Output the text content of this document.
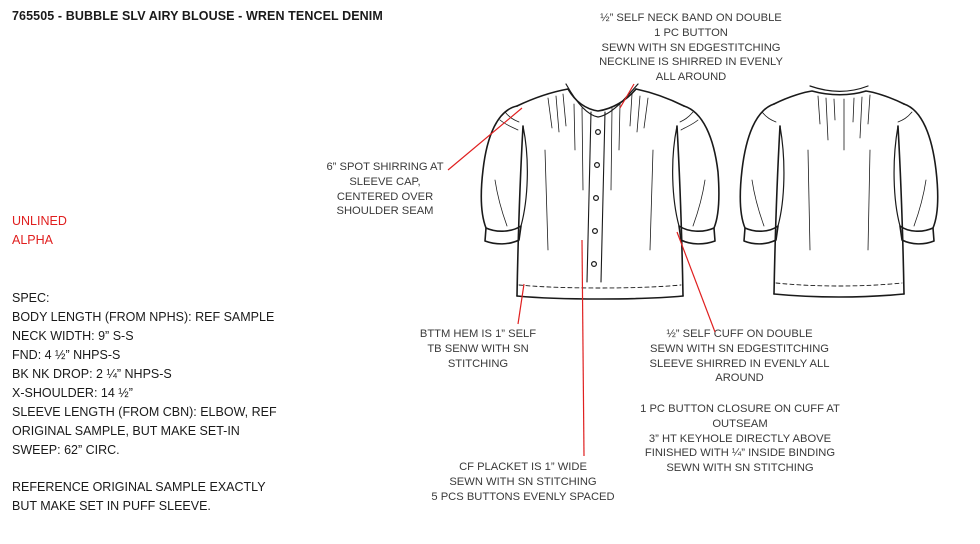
765505 - BUBBLE SLV AIRY BLOUSE - WREN TENCEL DENIM
UNLINED
ALPHA
SPEC:
BODY LENGTH (FROM NPHS): REF SAMPLE
NECK WIDTH: 9” S-S
FND: 4 ½” NHPS-S
BK NK DROP: 2 ¼” NHPS-S
X-SHOULDER: 14 ½”
SLEEVE LENGTH (FROM CBN): ELBOW, REF
ORIGINAL SAMPLE, BUT MAKE SET-IN
SWEEP: 62” CIRC.
REFERENCE ORIGINAL SAMPLE EXACTLY
BUT MAKE SET IN PUFF SLEEVE.
½” SELF NECK BAND ON DOUBLE
1 PC BUTTON
SEWN WITH SN EDGESTITCHING
NECKLINE IS SHIRRED IN EVENLY
ALL AROUND
6” SPOT SHIRRING AT
SLEEVE CAP,
CENTERED OVER
SHOULDER SEAM
BTTM HEM IS 1” SELF
TB SENW WITH SN
STITCHING
½” SELF CUFF ON DOUBLE
SEWN WITH SN EDGESTITCHING
SLEEVE SHIRRED IN EVENLY ALL
AROUND
1 PC BUTTON CLOSURE ON CUFF AT
OUTSEAM
3” HT KEYHOLE DIRECTLY ABOVE
FINISHED WITH ¼” INSIDE BINDING
SEWN WITH SN STITCHING
CF PLACKET IS 1” WIDE
SEWN WITH SN STITCHING
5 PCS BUTTONS EVENLY SPACED
